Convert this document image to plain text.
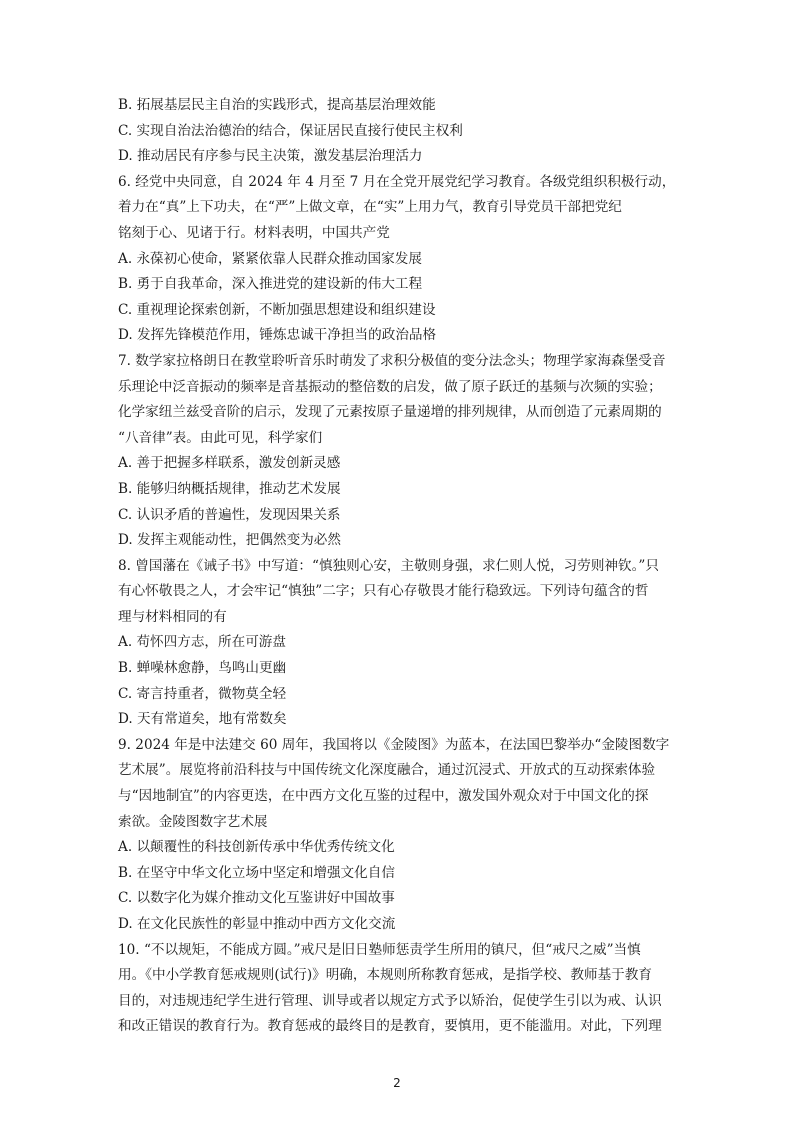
B. 拓展基层民主自治的实践形式，提高基层治理效能
C. 实现自治法治德治的结合，保证居民直接行使民主权利
D. 推动居民有序参与民主决策，激发基层治理活力
6. 经党中央同意，自 2024 年 4 月至 7 月在全党开展党纪学习教育。各级党组织积极行动，
着力在“真”上下功夫，在“严”上做文章，在“实”上用力气，教育引导党员干部把党纪
铭刻于心、见诸于行。材料表明，中国共产党
A. 永葆初心使命，紧紧依靠人民群众推动国家发展
B. 勇于自我革命，深入推进党的建设新的伟大工程
C. 重视理论探索创新，不断加强思想建设和组织建设
D. 发挥先锋模范作用，锤炼忠诚干净担当的政治品格
7. 数学家拉格朗日在教堂聆听音乐时萌发了求积分极值的变分法念头；物理学家海森堡受音
乐理论中泛音振动的频率是音基振动的整倍数的启发，做了原子跃迁的基频与次频的实验；
化学家纽兰兹受音阶的启示，发现了元素按原子量递增的排列规律，从而创造了元素周期的
“八音律”表。由此可见，科学家们
A. 善于把握多样联系，激发创新灵感
B. 能够归纳概括规律，推动艺术发展
C. 认识矛盾的普遍性，发现因果关系
D. 发挥主观能动性，把偶然变为必然
8. 曾国藩在《诫子书》中写道：“慎独则心安，主敬则身强，求仁则人悦，习劳则神钦。”只
有心怀敬畏之人，才会牢记“慎独”二字；只有心存敬畏才能行稳致远。下列诗句蕴含的哲
理与材料相同的有
A. 苟怀四方志，所在可游盘
B. 蝉噪林愈静，鸟鸣山更幽
C. 寄言持重者，微物莫全轻
D. 天有常道矣，地有常数矣
9. 2024 年是中法建交 60 周年，我国将以《金陵图》为蓝本，在法国巴黎举办“金陵图数字
艺术展”。展览将前沿科技与中国传统文化深度融合，通过沉浸式、开放式的互动探索体验
与“因地制宜”的内容更迭，在中西方文化互鉴的过程中，激发国外观众对于中国文化的探
索欲。金陵图数字艺术展
A. 以颠覆性的科技创新传承中华优秀传统文化
B. 在坚守中华文化立场中坚定和增强文化自信
C. 以数字化为媒介推动文化互鉴讲好中国故事
D. 在文化民族性的彰显中推动中西方文化交流
10. “不以规矩，不能成方圆。”戒尺是旧日塾师惩责学生所用的镇尺，但“戒尺之威”当慎
用。《中小学教育惩戒规则(试行)》明确，本规则所称教育惩戒，是指学校、教师基于教育
目的，对违规违纪学生进行管理、训导或者以规定方式予以矫治，促使学生引以为戒、认识
和改正错误的教育行为。教育惩戒的最终目的是教育，要慎用，更不能滥用。对此，下列理
2
